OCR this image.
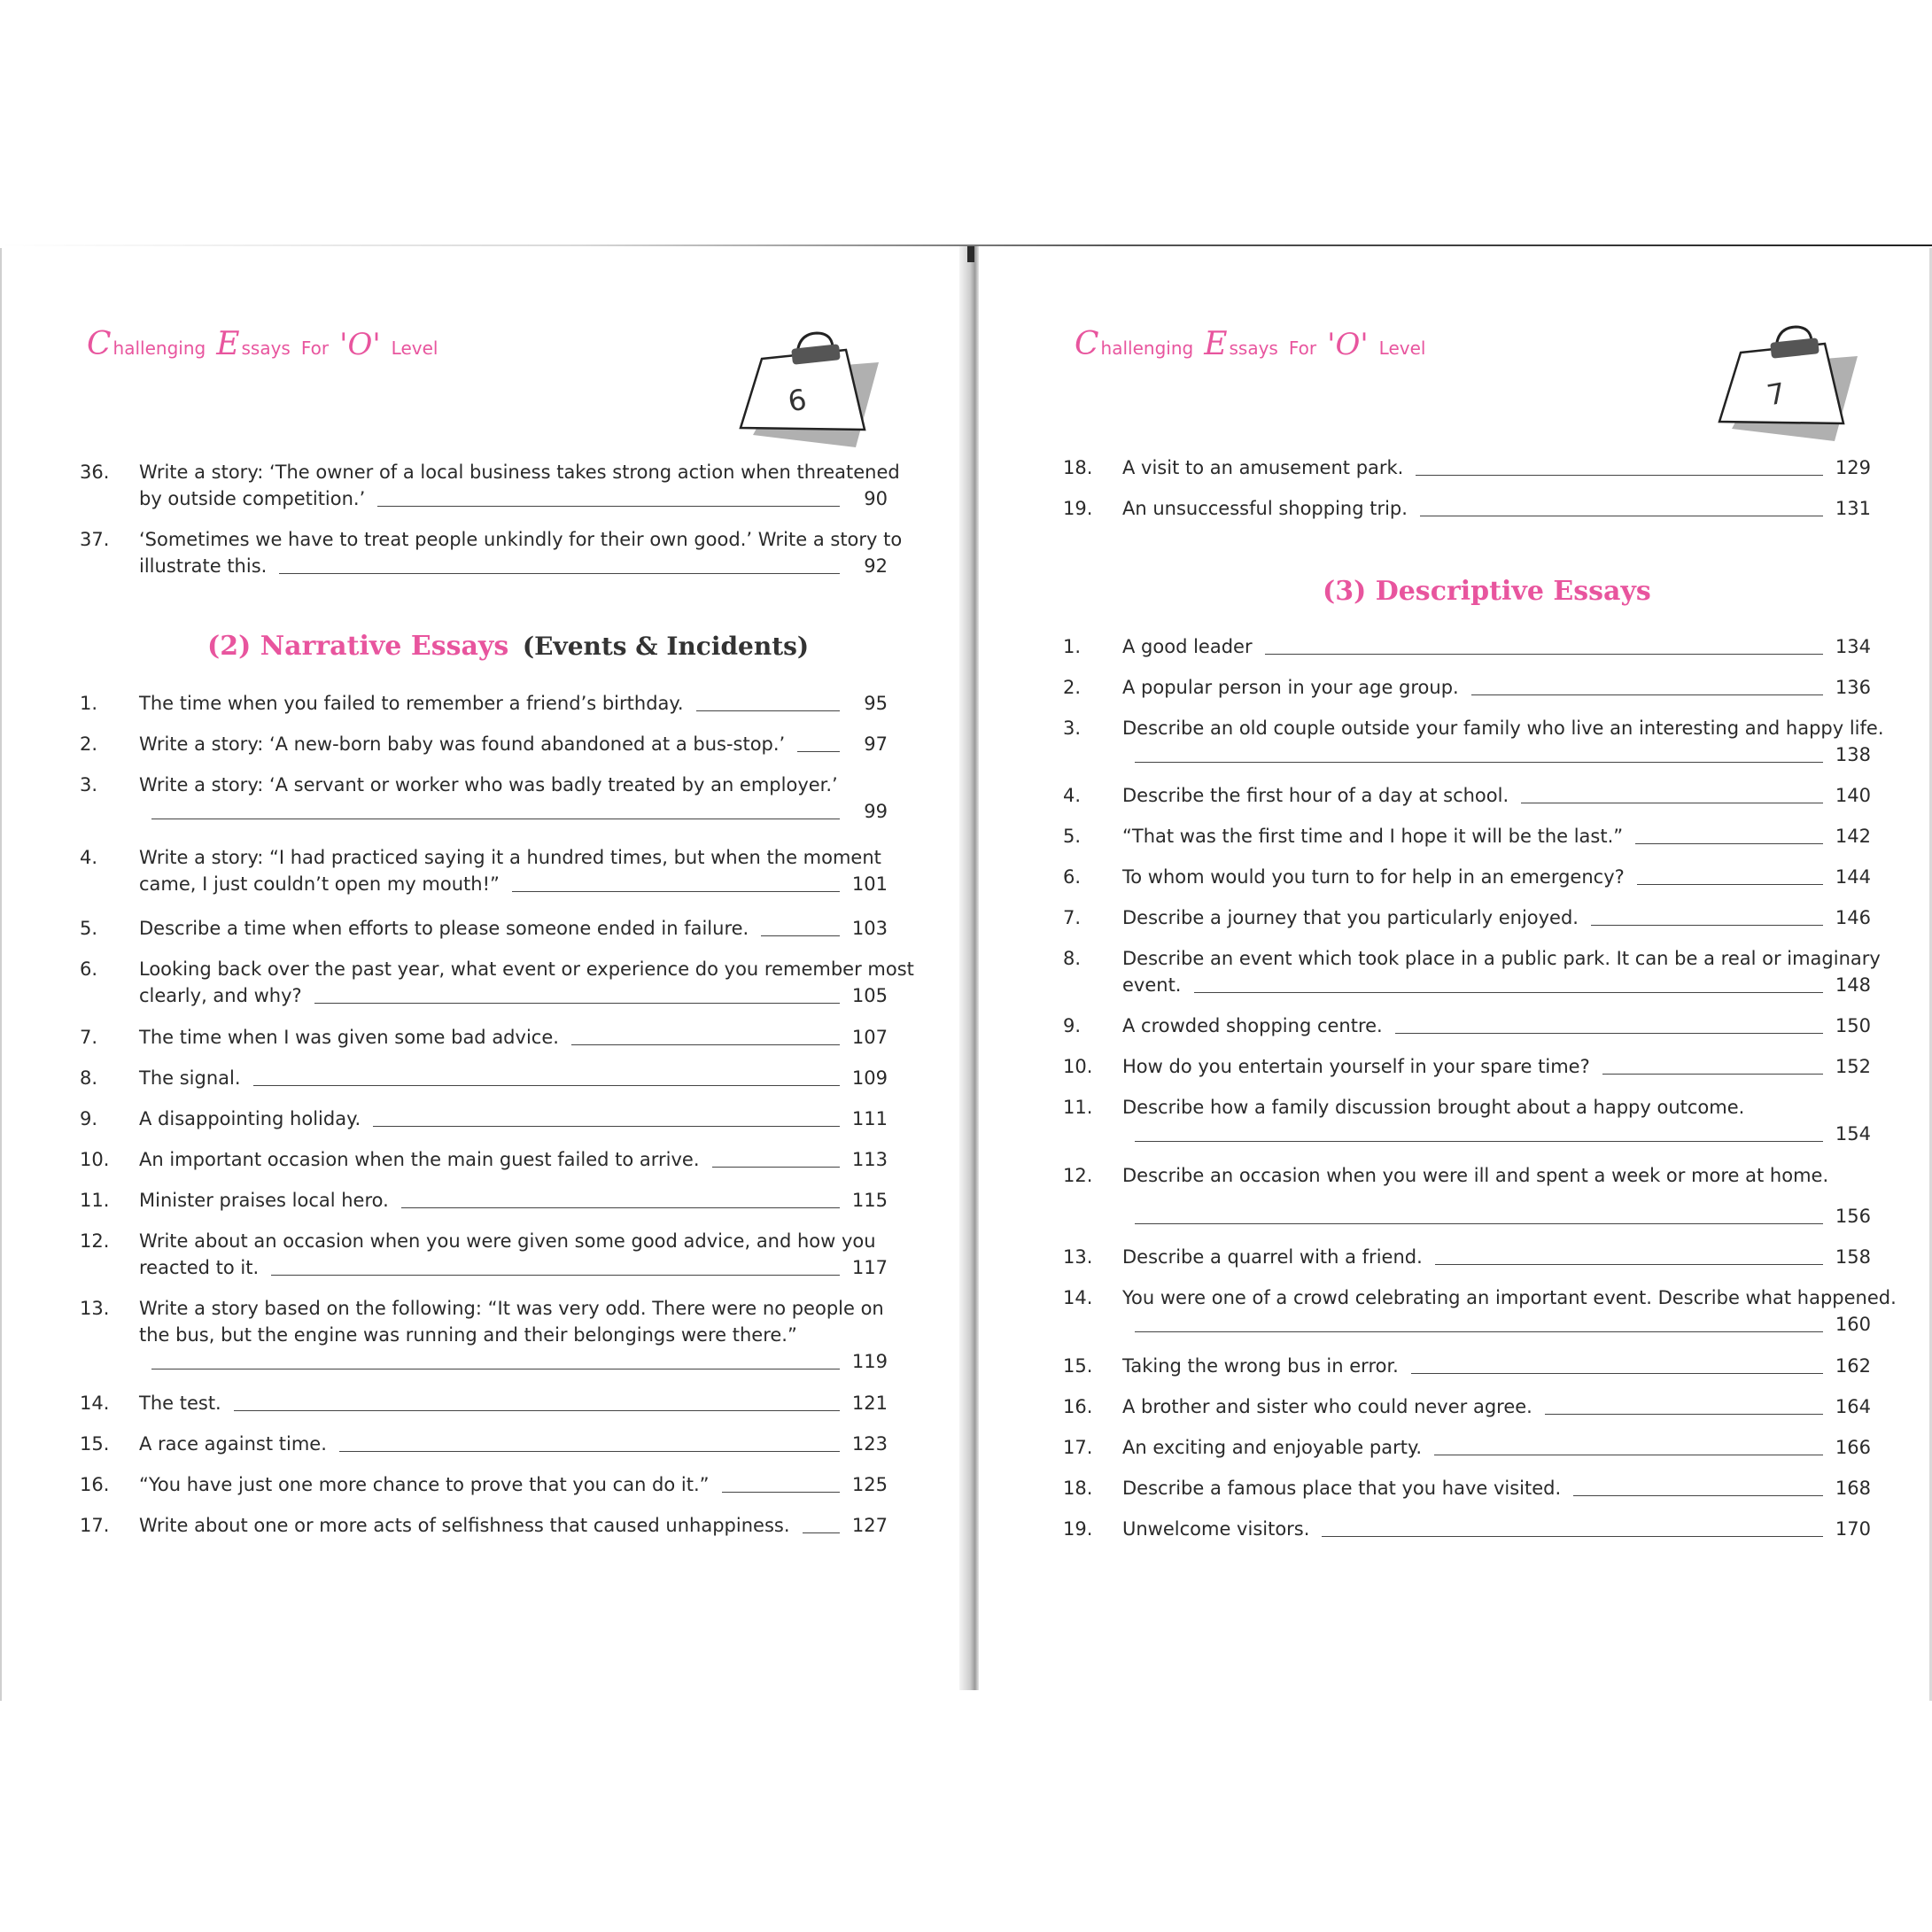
C hallenging E ssays For 'O' Level
6
36.	Write a story: ‘The owner of a local business takes strong action when threatened
by outside competition.’	90
37.	‘Sometimes we have to treat people unkindly for their own good.’ Write a story to
illustrate this.	92
(2) Narrative Essays (Events & Incidents)
1.	The time when you failed to remember a friend’s birthday.	95
2.	Write a story: ‘A new-born baby was found abandoned at a bus-stop.’	97
3.	Write a story: ‘A servant or worker who was badly treated by an employer.’
99
4.	Write a story: “I had practiced saying it a hundred times, but when the moment
came, I just couldn’t open my mouth!”	101
5.	Describe a time when efforts to please someone ended in failure.	103
6.	Looking back over the past year, what event or experience do you remember most
clearly, and why?	105
7.	The time when I was given some bad advice.	107
8.	The signal.	109
9.	A disappointing holiday.	111
10.	An important occasion when the main guest failed to arrive.	113
11.	Minister praises local hero.	115
12.	Write about an occasion when you were given some good advice, and how you
reacted to it.	117
13.	Write a story based on the following: “It was very odd. There were no people on
the bus, but the engine was running and their belongings were there.”
119
14.	The test.	121
15.	A race against time.	123
16.	“You have just one more chance to prove that you can do it.”	125
17.	Write about one or more acts of selfishness that caused unhappiness.	127
C hallenging E ssays For 'O' Level
7
18.	A visit to an amusement park.	129
19.	An unsuccessful shopping trip.	131
(3) Descriptive Essays
1.	A good leader	134
2.	A popular person in your age group.	136
3.	Describe an old couple outside your family who live an interesting and happy life.
138
4.	Describe the first hour of a day at school.	140
5.	“That was the first time and I hope it will be the last.”	142
6.	To whom would you turn to for help in an emergency?	144
7.	Describe a journey that you particularly enjoyed.	146
8.	Describe an event which took place in a public park. It can be a real or imaginary
event.	148
9.	A crowded shopping centre.	150
10.	How do you entertain yourself in your spare time?	152
11.	Describe how a family discussion brought about a happy outcome.
154
12.	Describe an occasion when you were ill and spent a week or more at home.
156
13.	Describe a quarrel with a friend.	158
14.	You were one of a crowd celebrating an important event. Describe what happened.
160
15.	Taking the wrong bus in error.	162
16.	A brother and sister who could never agree.	164
17.	An exciting and enjoyable party.	166
18.	Describe a famous place that you have visited.	168
19.	Unwelcome visitors.	170
